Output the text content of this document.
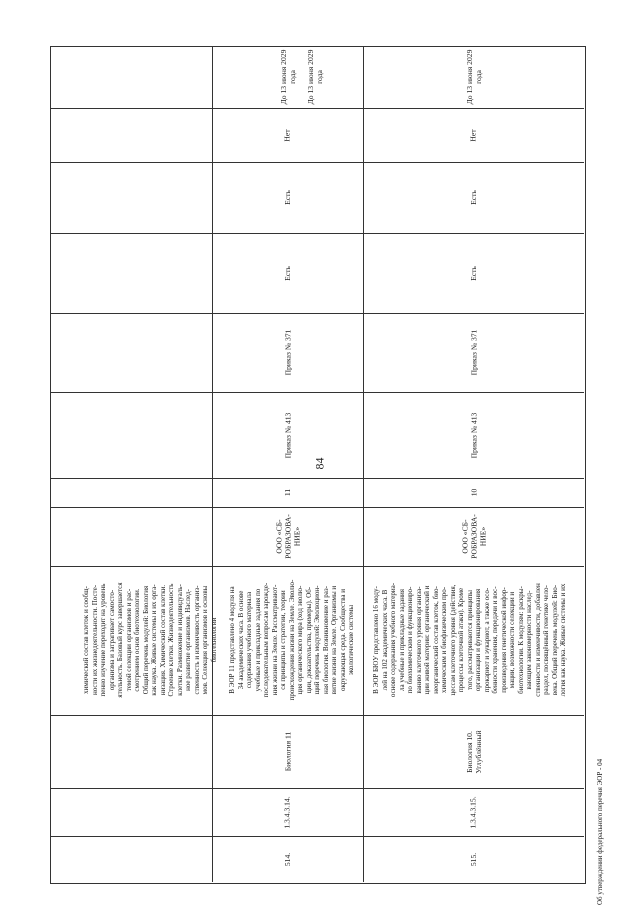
84
химический состав клеток и сообщ- ности их жизнедеятельности. Посте- пенно изучение переходит на уровень организма и затрагивает самосто- ятельность. Базовый курс завершается темой селекции организмов и рас- смотрением основ биотехнологии. Общий перечень модулей: Биология как наука. Живые системы и их орга- низация. Химический состав клетки. Строение клетки. Жизнедеятельность клетки. Размножение и индивидуаль- ное развитие организмов. Наслед- ственность и изменчивость организ- мов. Селекция организмов и основы биотехнологии
До 13 июня 2029 года
514.
1.3.4.3.14.
Биология 11
В ЭОР 11 представлено 4 модуля на 34 академических часа. В основе содержания учебного материала учебные и прикладные задания по последовательным вопросам зарожде- ния жизни на Земле. Рассматривают- ся принципы и стратегии, теории происхождения жизни на Земле. Эволю- ция органического мира (ход эволю- ции, доказательства, примеры). Об- щий перечень модулей: Эволюцион- ная биология. Возникновение и раз- витие жизни на Земле. Организмы и окружающая среда. Сообщества и экологические системы
ООО «СБ-РОБРАЗОВА-НИЕ»
11
Приказ № 413
Приказ № 371
Есть
Есть
Нет
До 13 июня 2029 года
515.
1.3.4.3.15.
Биология 10. Углублённый
В ЭОР БЮУ представлено 16 моду- лей на 102 академических часа. В основе содержания учебного материа- ла учебные и прикладные задания по биохимическим и функциониро- ванию клеточного уровня организа- ции живой материи: органический и неорганический состав клеток, био- химическим и биофизическим про- цессам клеточного уровня (действия, процессы клеточной атаки). Кроме того, рассматриваются принципы организации и функционирования прокариот и эукариот, а также осо- бенности хранения, передачи и вос- произведения генетической инфор- мации, возможности селекции и биотехнологии. К модулям: раскры- вающим закономерности наслед- ственности и изменчивости, добавлен раздел, посвящённый генетике чело- века. Общий перечень модулей: Био- логия как наука. Живые системы и их
ООО «СБ-РОБРАЗОВА-НИЕ»
10
Приказ № 413
Приказ № 371
Есть
Есть
Нет
До 13 июня 2029 года
Об утверждении федерального перечня ЭОР - 04
